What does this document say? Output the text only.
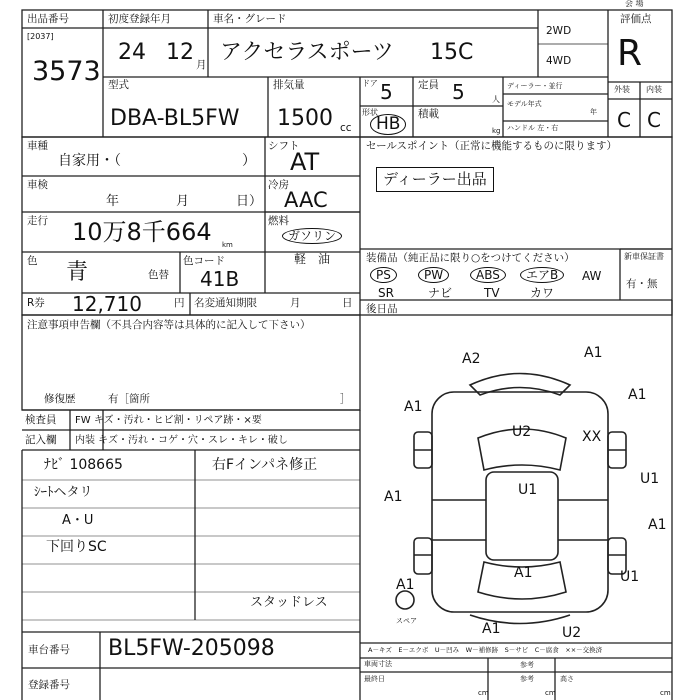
出品番号
[2037]
3573
初度登録年月
24 12 月
車名・グレード
アクセラスポーツ 15C
2WD
4WD
評価点
会 場
R
型式
DBA-BL5FW
排気量
1500 cc
ドア 5
形状
HB
定員 5	人
積載
kg
ディーラー・並行
モデル年式
年
ハンドル 左・右
外装 内装
C C
車種
自家用・（	）
車検
年	月	日）
走行 10万8千664 km
色 青	色替
色コード
41B
R券 12,710	円 名変通知期限	月	日
シフト
AT
冷房
AAC
燃料
ガソリン
軽　油
セールスポイント（正常に機能するものに限ります）
ディーラー出品
装備品（純正品に限り○をつけてください）	新車保証書
有・無
PS	PW	ABS	エアB	AW
SR	ナビ	TV	カワ
後日品
注意事項申告欄（不具合内容等は具体的に記入して下さい）
修復歴	有［箇所	］
検査員 FW キズ・汚れ・ヒビ割・リペア跡・×要
記入欄 内装 キズ・汚れ・コゲ・穴・スレ・キレ・破し
ﾅﾋﾞ 108665
ｼｰﾄヘタリ
A・U
下回りSC
右Fインパネ修正
スタッドレス
A2	A1
A1
A1
U2	XX
A1	U1
U1
A1
A1
A1	U1
A1	U2
スペア
A－キズ　E－エクボ　U－凹み　W－補修跡　S－サビ　C－腐食　××－交換済
参考
参考
車両寸法
最終日	高さ
cm	cm	cm
車台番号 BL5FW-205098
登録番号
